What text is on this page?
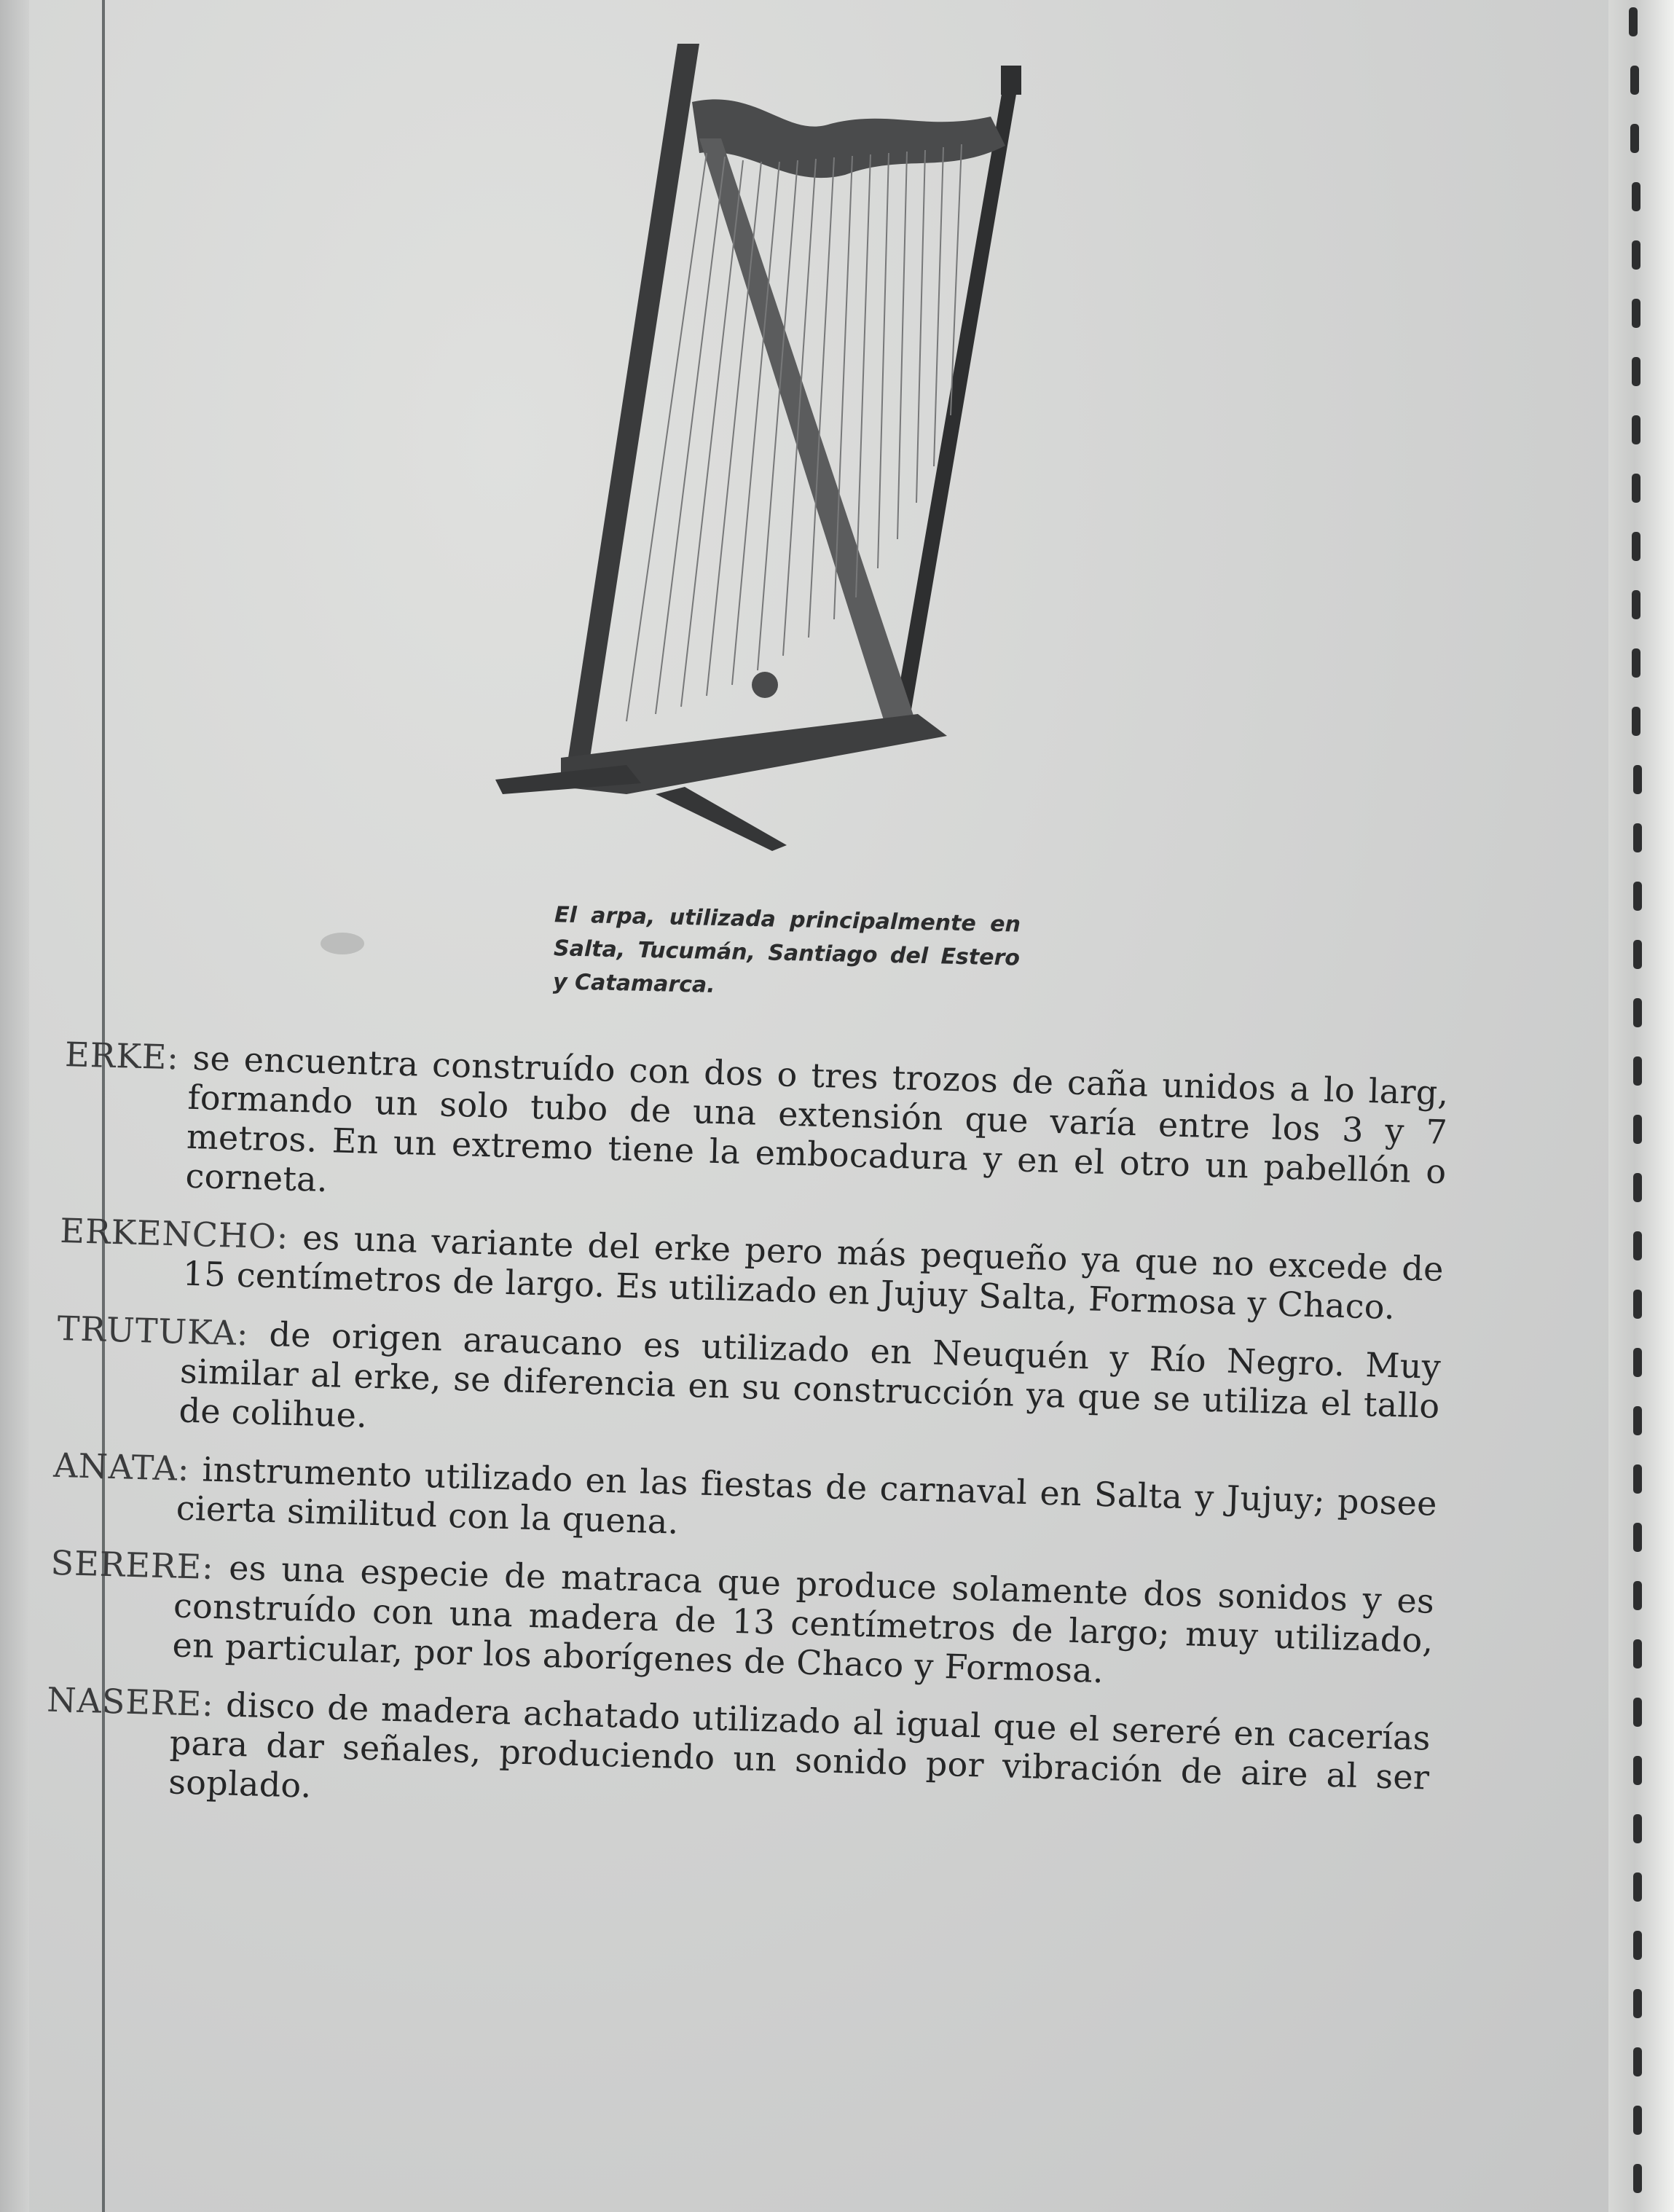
El arpa, utilizada principalmente en Salta, Tucumán, Santiago del Estero y Catamarca.

ERKE: se encuentra construído con dos o tres trozos de caña unidos a lo larg, formando un solo tubo de una extensión que varía entre los 3 y 7 metros. En un extremo tiene la embocadura y en el otro un pabellón o corneta.

ERKENCHO: es una variante del erke pero más pequeño ya que no excede de 15 centímetros de largo. Es utilizado en Jujuy Salta, Formosa y Chaco.

TRUTUKA: de origen araucano es utilizado en Neuquén y Río Negro. Muy similar al erke, se diferencia en su construcción ya que se utiliza el tallo de colihue.

ANATA: instrumento utilizado en las fiestas de carnaval en Salta y Jujuy; posee cierta similitud con la quena.

SERERE: es una especie de matraca que produce solamente dos sonidos y es construído con una madera de 13 centímetros de largo; muy utilizado, en particular, por los aborígenes de Chaco y Formosa.

NASERE: disco de madera achatado utilizado al igual que el sereré en cacerías para dar señales, produciendo un sonido por vibración de aire al ser soplado.
